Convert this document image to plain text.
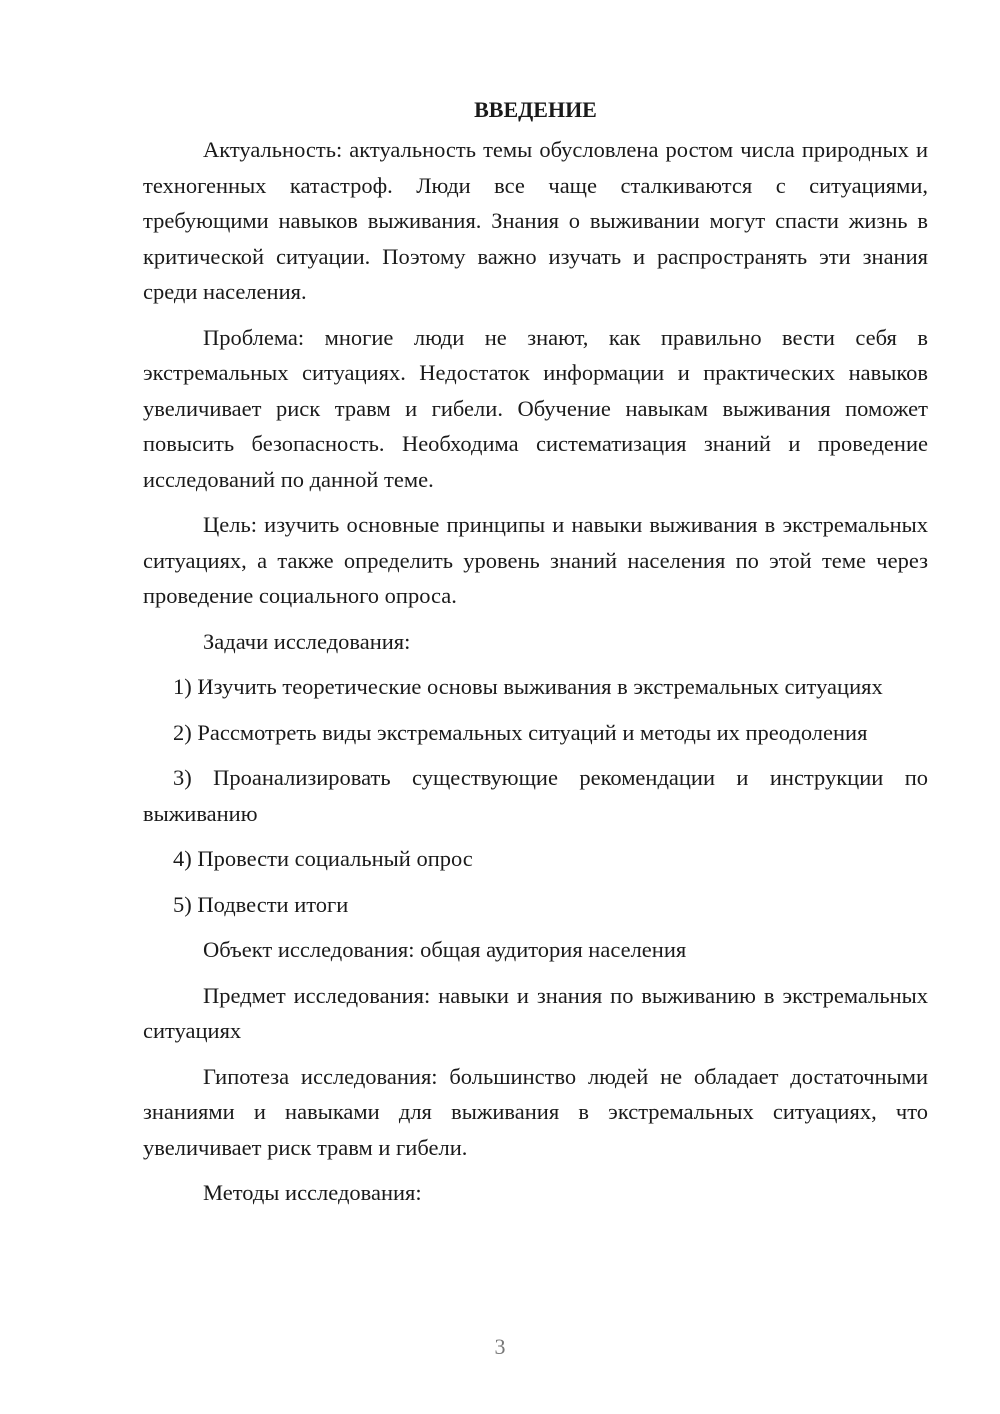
ВВЕДЕНИЕ

Актуальность: актуальность темы обусловлена ростом числа природных и техногенных катастроф. Люди все чаще сталкиваются с ситуациями, требующими навыков выживания. Знания о выживании могут спасти жизнь в критической ситуации. Поэтому важно изучать и распространять эти знания среди населения.

Проблема: многие люди не знают, как правильно вести себя в экстремальных ситуациях. Недостаток информации и практических навыков увеличивает риск травм и гибели. Обучение навыкам выживания поможет повысить безопасность. Необходима систематизация знаний и проведение исследований по данной теме.

Цель: изучить основные принципы и навыки выживания в экстремальных ситуациях, а также определить уровень знаний населения по этой теме через проведение социального опроса.

Задачи исследования:

1) Изучить теоретические основы выживания в экстремальных ситуациях

2) Рассмотреть виды экстремальных ситуаций и методы их преодоления

3) Проанализировать существующие рекомендации и инструкции по выживанию

4) Провести социальный опрос

5) Подвести итоги

Объект исследования: общая аудитория населения

Предмет исследования: навыки и знания по выживанию в экстремальных ситуациях

Гипотеза исследования: большинство людей не обладает достаточными знаниями и навыками для выживания в экстремальных ситуациях, что увеличивает риск травм и гибели.

Методы исследования:

3
